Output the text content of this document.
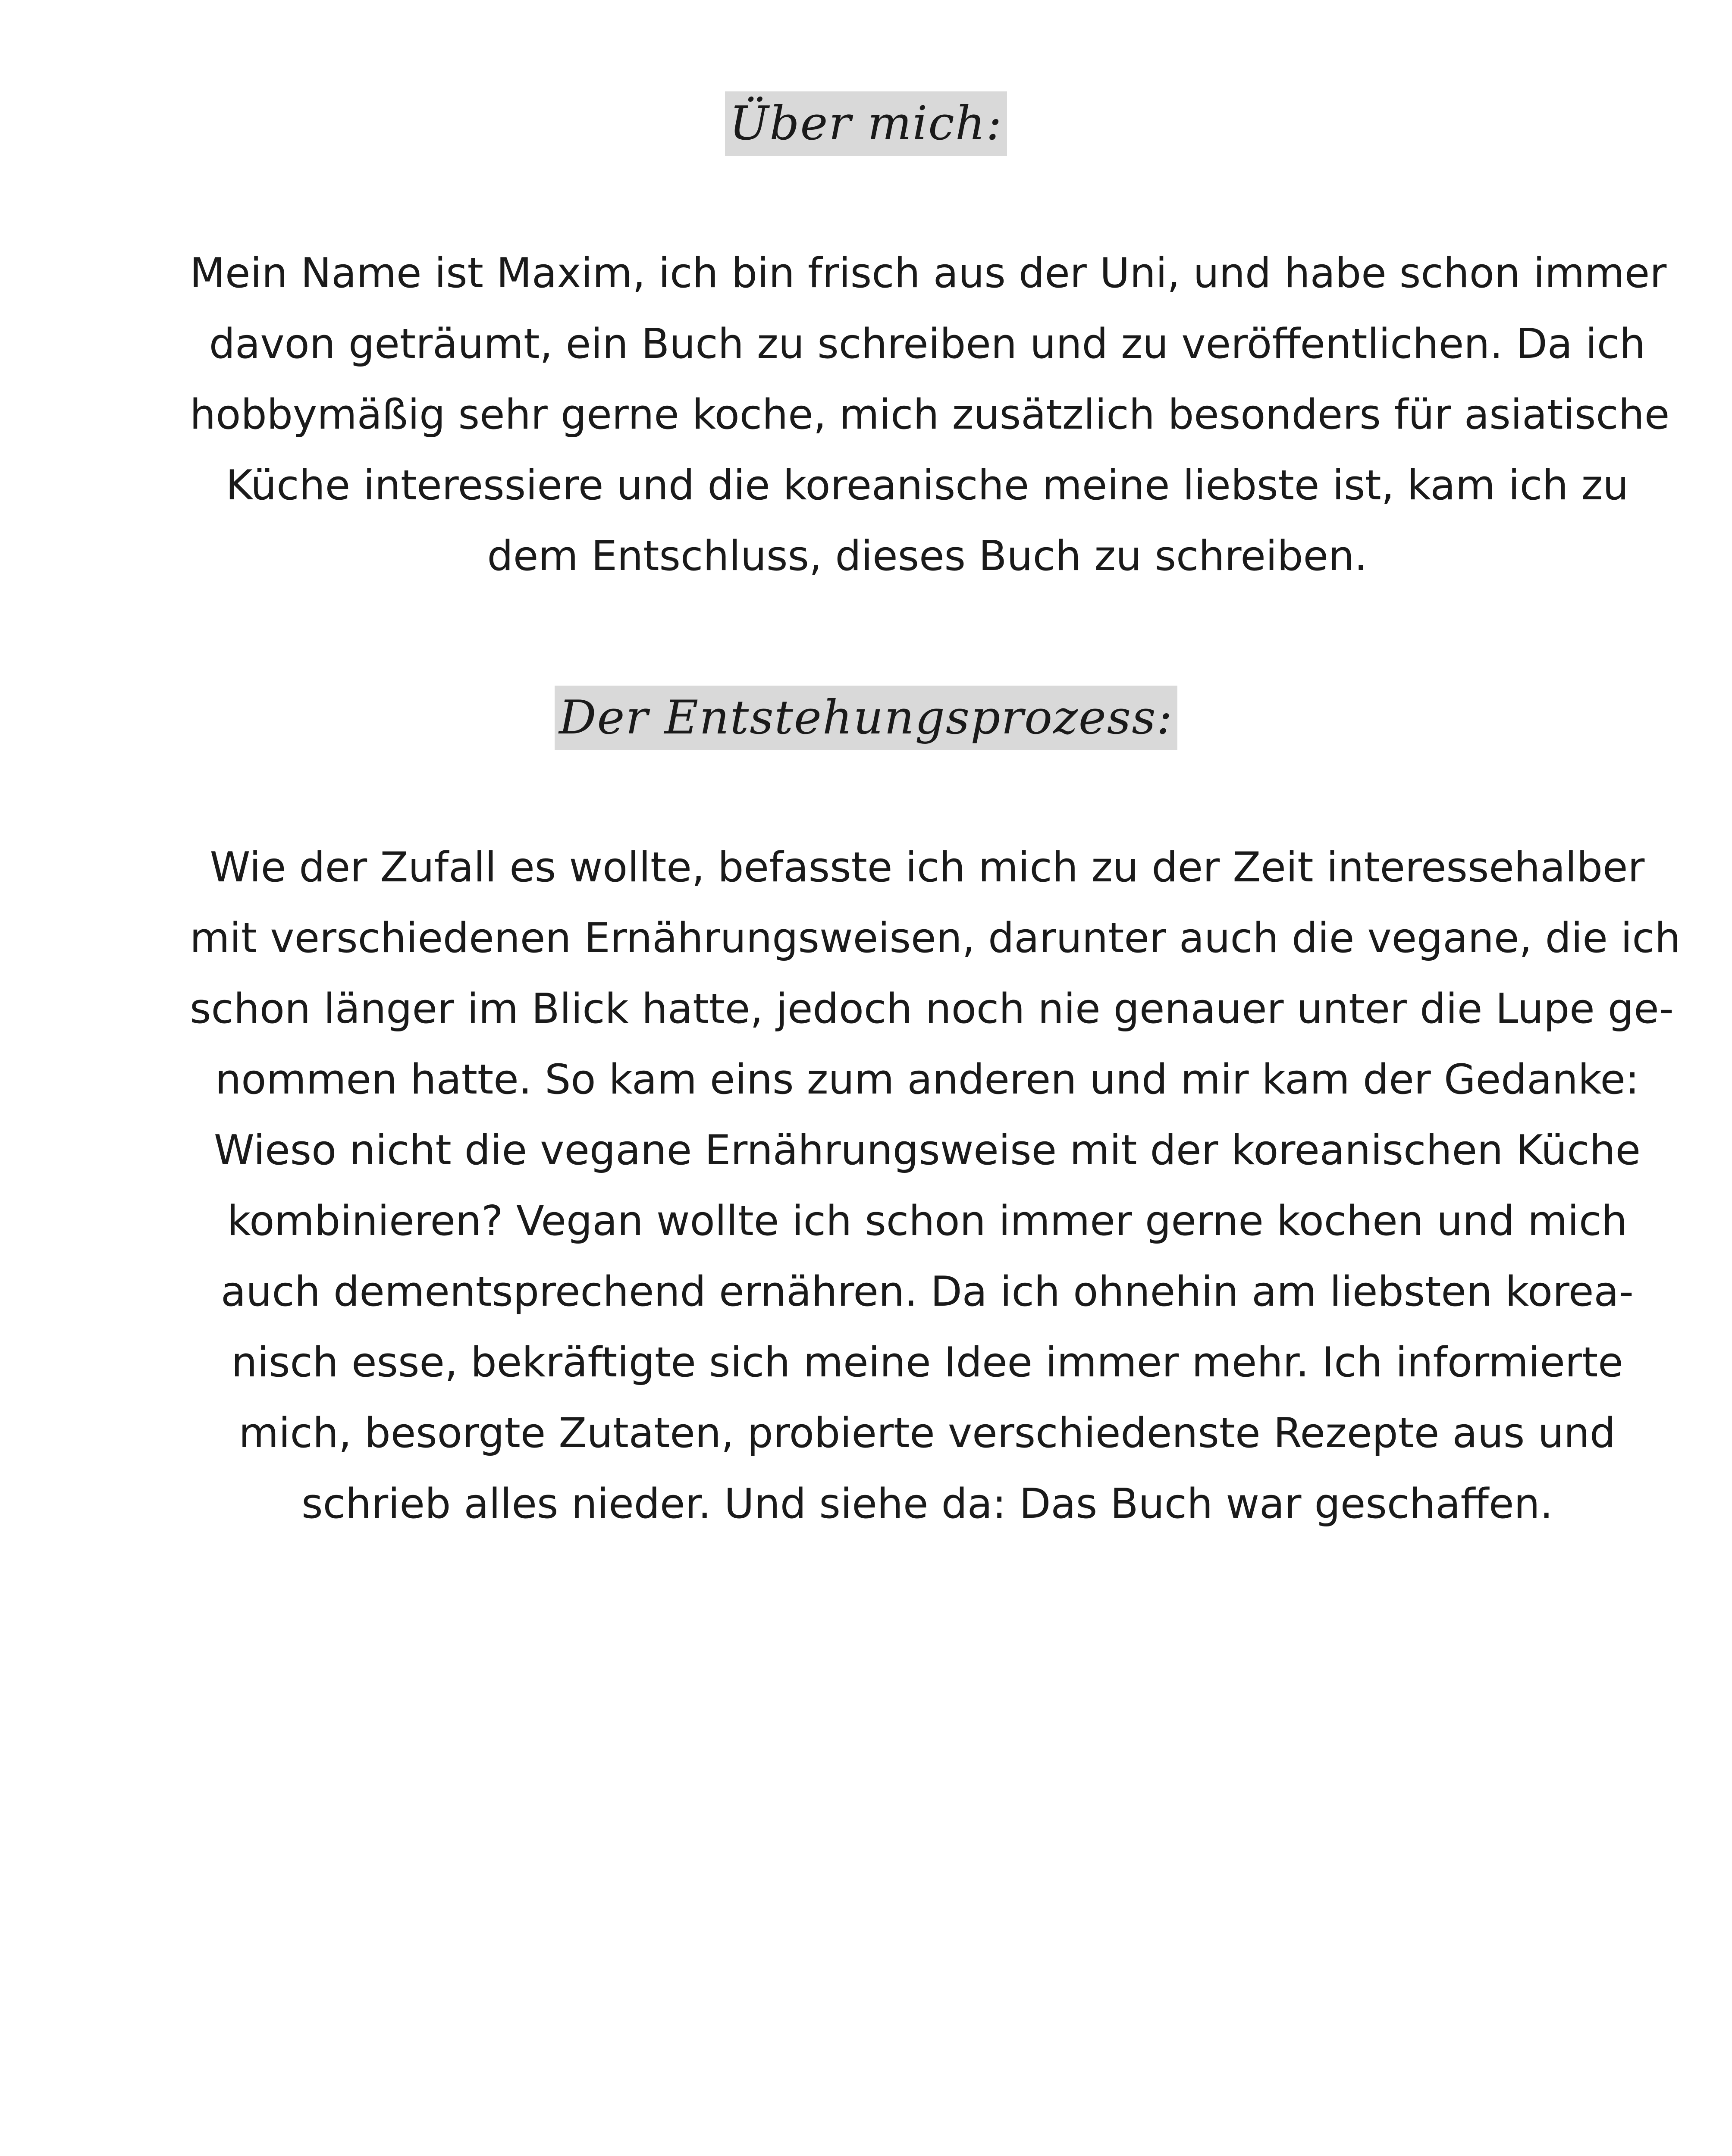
Über mich:
Mein Name ist Maxim, ich bin frisch aus der Uni, und habe schon immer
davon geträumt, ein Buch zu schreiben und zu veröffentlichen. Da ich
hobbymäßig sehr gerne koche, mich zusätzlich besonders für asiatische
Küche interessiere und die koreanische meine liebste ist, kam ich zu
dem Entschluss, dieses Buch zu schreiben.
Der Entstehungsprozess:
Wie der Zufall es wollte, befasste ich mich zu der Zeit interessehalber
mit verschiedenen Ernährungsweisen, darunter auch die vegane, die ich
schon länger im Blick hatte, jedoch noch nie genauer unter die Lupe ge-
nommen hatte. So kam eins zum anderen und mir kam der Gedanke:
Wieso nicht die vegane Ernährungsweise mit der koreanischen Küche
kombinieren? Vegan wollte ich schon immer gerne kochen und mich
auch dementsprechend ernähren. Da ich ohnehin am liebsten korea-
nisch esse, bekräftigte sich meine Idee immer mehr. Ich informierte
mich, besorgte Zutaten, probierte verschiedenste Rezepte aus und
schrieb alles nieder. Und siehe da: Das Buch war geschaffen.
